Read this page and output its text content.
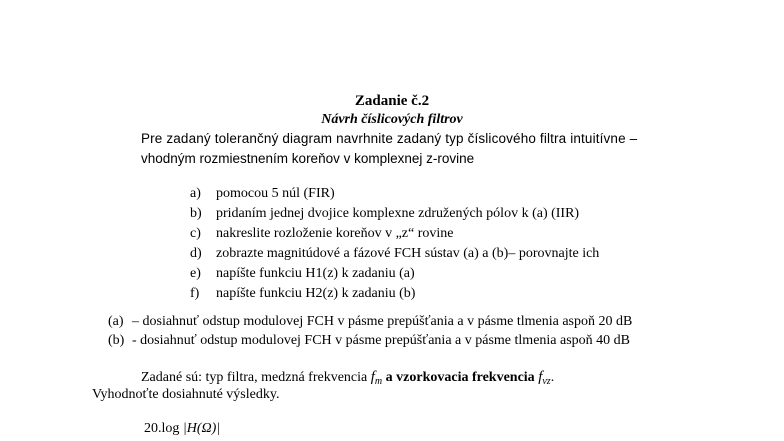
Zadanie č.2
Návrh číslicových filtrov
Pre zadaný tolerančný diagram navrhnite zadaný typ číslicového filtra intuitívne –
vhodným rozmiestnením koreňov v komplexnej z-rovine
a) pomocou 5 núl (FIR)
b) pridaním jednej dvojice komplexne združených pólov k (a) (IIR)
c) nakreslite rozloženie koreňov v „z“ rovine
d) zobrazte magnitúdové a fázové FCH sústav (a) a (b)– porovnajte ich
e) napíšte funkciu H1(z) k zadaniu (a)
f) napíšte funkciu H2(z) k zadaniu (b)
(a) – dosiahnuť odstup modulovej FCH v pásme prepúšťania a v pásme tlmenia aspoň 20 dB
(b) - dosiahnuť odstup modulovej FCH v pásme prepúšťania a v pásme tlmenia aspoň 40 dB
Zadané sú: typ filtra, medzná frekvencia $f_m$ a vzorkovacia frekvencia $f_{vz}$.
Vyhodnoťte dosiahnuté výsledky.
20.log |H(Ω)|
